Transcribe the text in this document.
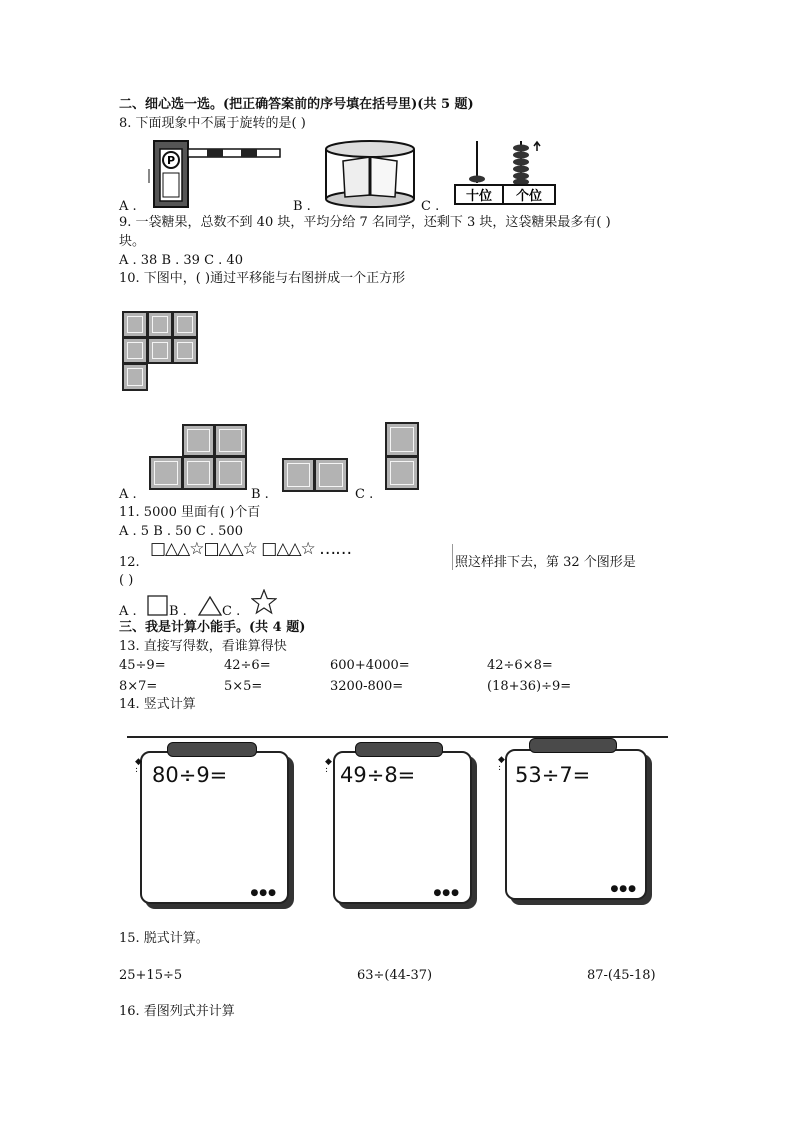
二、细心选一选。(把正确答案前的序号填在括号里)(共 5 题)
8. 下面现象中不属于旋转的是( )
A .
P
B .	C .
十位 个位
9. 一袋糖果，总数不到 40 块，平均分给 7 名同学，还剩下 3 块，这袋糖果最多有( )
块。
A . 38 B . 39 C . 40
10. 下图中，( )通过平移能与右图拼成一个正方形
A .	B .	C .
11. 5000 里面有( )个百
A . 5 B . 50 C . 500
12.
□△△☆□△△☆ □△△☆ ……
照这样排下去，第 32 个图形是
( )
A . B .	C .
三、我是计算小能手。(共 4 题)
13. 直接写得数，看谁算得快
45÷9=	42÷6=	600+4000=	42÷6×8=
8×7=	5×5=	3200-800=	(18+36)÷9=
14. 竖式计算
80÷9=
●●●
◆
:	49÷8=
●●●
◆
:	53÷7=
●●●
◆
:
15. 脱式计算。
25+15÷5	63÷(44-37)	87-(45-18)
16. 看图列式并计算
